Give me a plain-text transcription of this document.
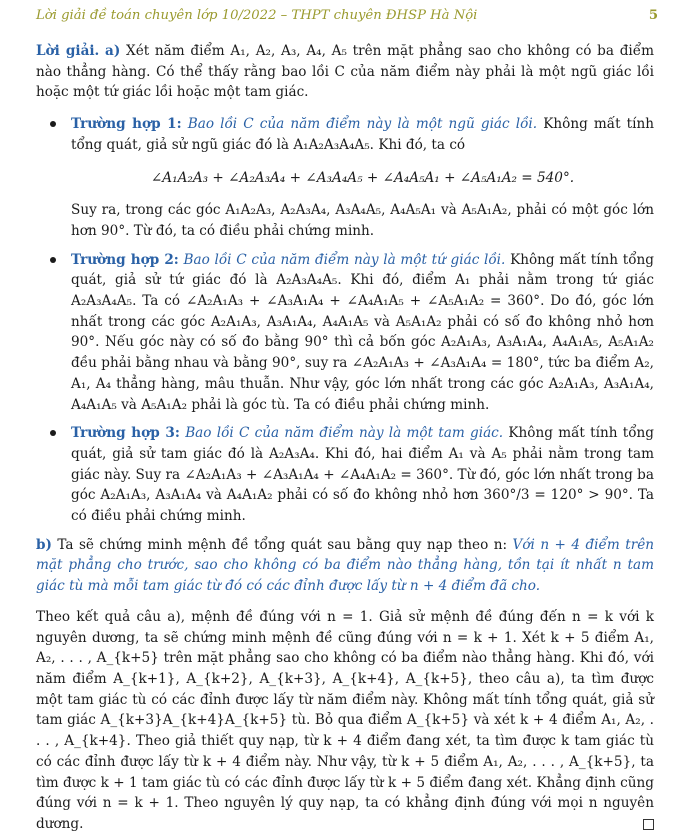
Lời giải đề toán chuyên lớp 10/2022 – THPT chuyên ĐHSP Hà Nội	5

Lời giải. a) Xét năm điểm A₁, A₂, A₃, A₄, A₅ trên mặt phẳng sao cho không có ba điểm nào thẳng hàng. Có thể thấy rằng bao lồi C của năm điểm này phải là một ngũ giác lồi hoặc một tứ giác lồi hoặc một tam giác.

Trường hợp 1: Bao lồi C của năm điểm này là một ngũ giác lồi. Không mất tính tổng quát, giả sử ngũ giác đó là A₁A₂A₃A₄A₅. Khi đó, ta có

∠A₁A₂A₃ + ∠A₂A₃A₄ + ∠A₃A₄A₅ + ∠A₄A₅A₁ + ∠A₅A₁A₂ = 540°.

Suy ra, trong các góc A₁A₂A₃, A₂A₃A₄, A₃A₄A₅, A₄A₅A₁ và A₅A₁A₂, phải có một góc lớn hơn 90°. Từ đó, ta có điều phải chứng minh.

Trường hợp 2: Bao lồi C của năm điểm này là một tứ giác lồi. Không mất tính tổng quát, giả sử tứ giác đó là A₂A₃A₄A₅. Khi đó, điểm A₁ phải nằm trong tứ giác A₂A₃A₄A₅. Ta có ∠A₂A₁A₃ + ∠A₃A₁A₄ + ∠A₄A₁A₅ + ∠A₅A₁A₂ = 360°. Do đó, góc lớn nhất trong các góc A₂A₁A₃, A₃A₁A₄, A₄A₁A₅ và A₅A₁A₂ phải có số đo không nhỏ hơn 90°. Nếu góc này có số đo bằng 90° thì cả bốn góc A₂A₁A₃, A₃A₁A₄, A₄A₁A₅, A₅A₁A₂ đều phải bằng nhau và bằng 90°, suy ra ∠A₂A₁A₃ + ∠A₃A₁A₄ = 180°, tức ba điểm A₂, A₁, A₄ thẳng hàng, mâu thuẫn. Như vậy, góc lớn nhất trong các góc A₂A₁A₃, A₃A₁A₄, A₄A₁A₅ và A₅A₁A₂ phải là góc tù. Ta có điều phải chứng minh.

Trường hợp 3: Bao lồi C của năm điểm này là một tam giác. Không mất tính tổng quát, giả sử tam giác đó là A₂A₃A₄. Khi đó, hai điểm A₁ và A₅ phải nằm trong tam giác này. Suy ra ∠A₂A₁A₃ + ∠A₃A₁A₄ + ∠A₄A₁A₂ = 360°. Từ đó, góc lớn nhất trong ba góc A₂A₁A₃, A₃A₁A₄ và A₄A₁A₂ phải có số đo không nhỏ hơn 360°/3 = 120° > 90°. Ta có điều phải chứng minh.

b) Ta sẽ chứng minh mệnh đề tổng quát sau bằng quy nạp theo n: Với n + 4 điểm trên mặt phẳng cho trước, sao cho không có ba điểm nào thẳng hàng, tồn tại ít nhất n tam giác tù mà mỗi tam giác từ đó có các đỉnh được lấy từ n + 4 điểm đã cho.

Theo kết quả câu a), mệnh đề đúng với n = 1. Giả sử mệnh đề đúng đến n = k với k nguyên dương, ta sẽ chứng minh mệnh đề cũng đúng với n = k + 1. Xét k + 5 điểm A₁, A₂, . . . , A_{k+5} trên mặt phẳng sao cho không có ba điểm nào thẳng hàng. Khi đó, với năm điểm A_{k+1}, A_{k+2}, A_{k+3}, A_{k+4}, A_{k+5}, theo câu a), ta tìm được một tam giác tù có các đỉnh được lấy từ năm điểm này. Không mất tính tổng quát, giả sử tam giác A_{k+3}A_{k+4}A_{k+5} tù. Bỏ qua điểm A_{k+5} và xét k + 4 điểm A₁, A₂, . . . , A_{k+4}. Theo giả thiết quy nạp, từ k + 4 điểm đang xét, ta tìm được k tam giác tù có các đỉnh được lấy từ k + 4 điểm này. Như vậy, từ k + 5 điểm A₁, A₂, . . . , A_{k+5}, ta tìm được k + 1 tam giác tù có các đỉnh được lấy từ k + 5 điểm đang xét. Khẳng định cũng đúng với n = k + 1. Theo nguyên lý quy nạp, ta có khẳng định đúng với mọi n nguyên dương.
